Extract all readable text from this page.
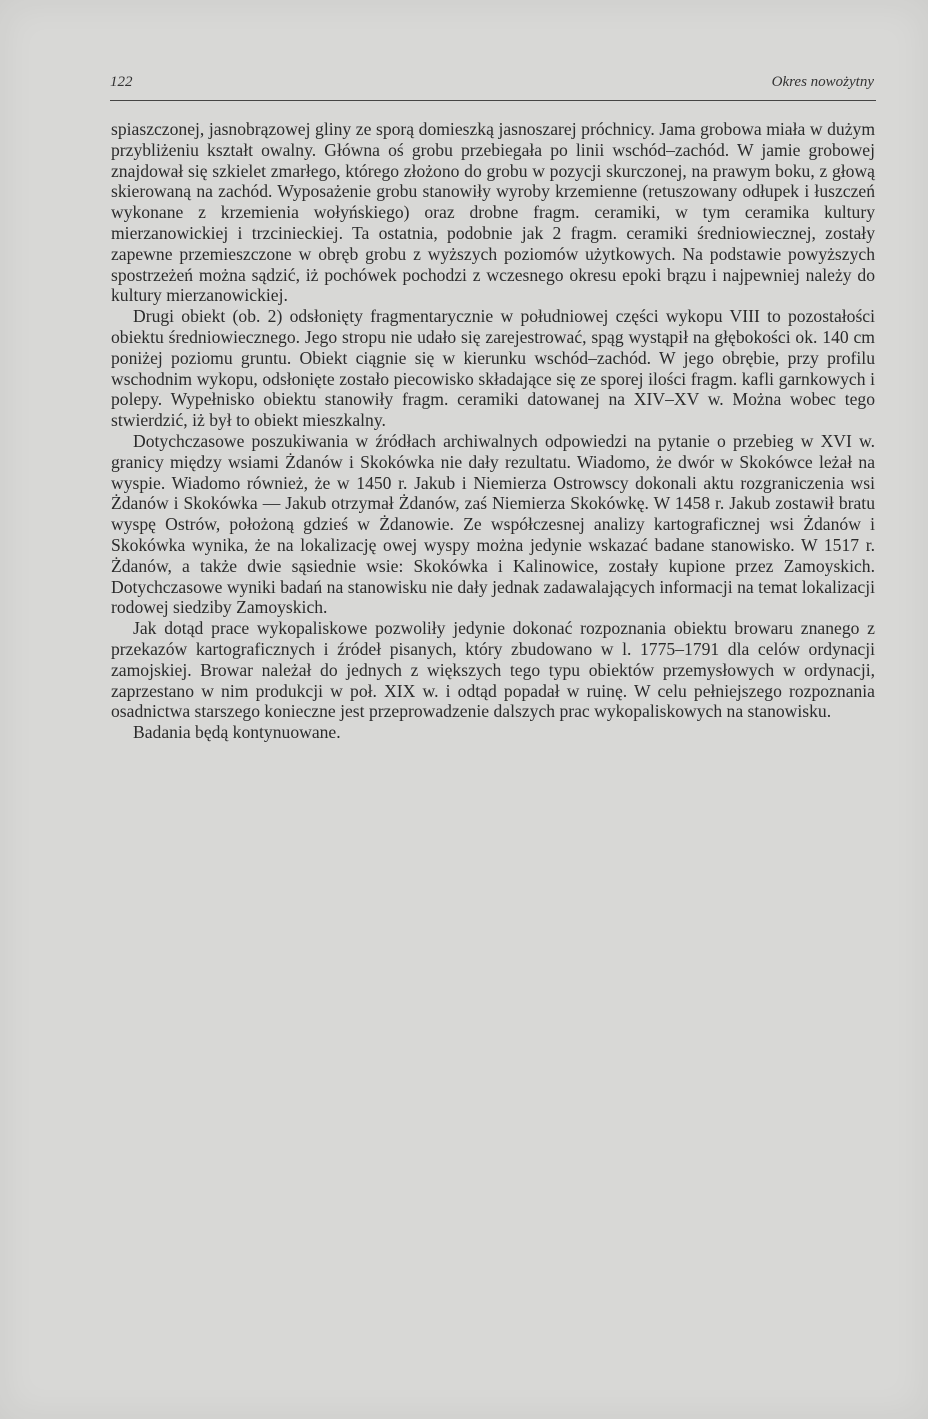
122	Okres nowożytny

spiaszczonej, jasnobrązowej gliny ze sporą domieszką jasnoszarej próchnicy. Jama grobowa miała w dużym przybliżeniu kształt owalny. Główna oś grobu przebiegała po linii wschód–zachód. W jamie grobowej znajdował się szkielet zmarłego, którego złożono do grobu w pozycji skurczonej, na prawym boku, z głową skierowaną na zachód. Wyposażenie grobu stanowiły wyroby krzemienne (retuszowany odłupek i łuszczeń wykonane z krzemienia wołyńskiego) oraz drobne fragm. ceramiki, w tym ceramika kultury mierzanowickiej i trzcinieckiej. Ta ostatnia, podobnie jak 2 fragm. ceramiki średniowiecznej, zostały zapewne przemieszczone w obręb grobu z wyższych poziomów użytkowych. Na podstawie powyższych spostrzeżeń można sądzić, iż pochówek pochodzi z wczesnego okresu epoki brązu i najpewniej należy do kultury mierzanowickiej.

Drugi obiekt (ob. 2) odsłonięty fragmentarycznie w południowej części wykopu VIII to pozostałości obiektu średniowiecznego. Jego stropu nie udało się zarejestrować, spąg wystąpił na głębokości ok. 140 cm poniżej poziomu gruntu. Obiekt ciągnie się w kierunku wschód–zachód. W jego obrębie, przy profilu wschodnim wykopu, odsłonięte zostało piecowisko składające się ze sporej ilości fragm. kafli garnkowych i polepy. Wypełnisko obiektu stanowiły fragm. ceramiki datowanej na XIV–XV w. Można wobec tego stwierdzić, iż był to obiekt mieszkalny.

Dotychczasowe poszukiwania w źródłach archiwalnych odpowiedzi na pytanie o przebieg w XVI w. granicy między wsiami Żdanów i Skokówka nie dały rezultatu. Wiadomo, że dwór w Skokówce leżał na wyspie. Wiadomo również, że w 1450 r. Jakub i Niemierza Ostrowscy dokonali aktu rozgraniczenia wsi Żdanów i Skokówka — Jakub otrzymał Żdanów, zaś Niemierza Skokówkę. W 1458 r. Jakub zostawił bratu wyspę Ostrów, położoną gdzieś w Żdanowie. Ze współczesnej analizy kartograficznej wsi Żdanów i Skokówka wynika, że na lokalizację owej wyspy można jedynie wskazać badane stanowisko. W 1517 r. Żdanów, a także dwie sąsiednie wsie: Skokówka i Kalinowice, zostały kupione przez Zamoyskich. Dotychczasowe wyniki badań na stanowisku nie dały jednak zadawalających informacji na temat lokalizacji rodowej siedziby Zamoyskich.

Jak dotąd prace wykopaliskowe pozwoliły jedynie dokonać rozpoznania obiektu browaru znanego z przekazów kartograficznych i źródeł pisanych, który zbudowano w l. 1775–1791 dla celów ordynacji zamojskiej. Browar należał do jednych z większych tego typu obiektów przemysłowych w ordynacji, zaprzestano w nim produkcji w poł. XIX w. i odtąd popadał w ruinę. W celu pełniejszego rozpoznania osadnictwa starszego konieczne jest przeprowadzenie dalszych prac wykopaliskowych na stanowisku.

Badania będą kontynuowane.
